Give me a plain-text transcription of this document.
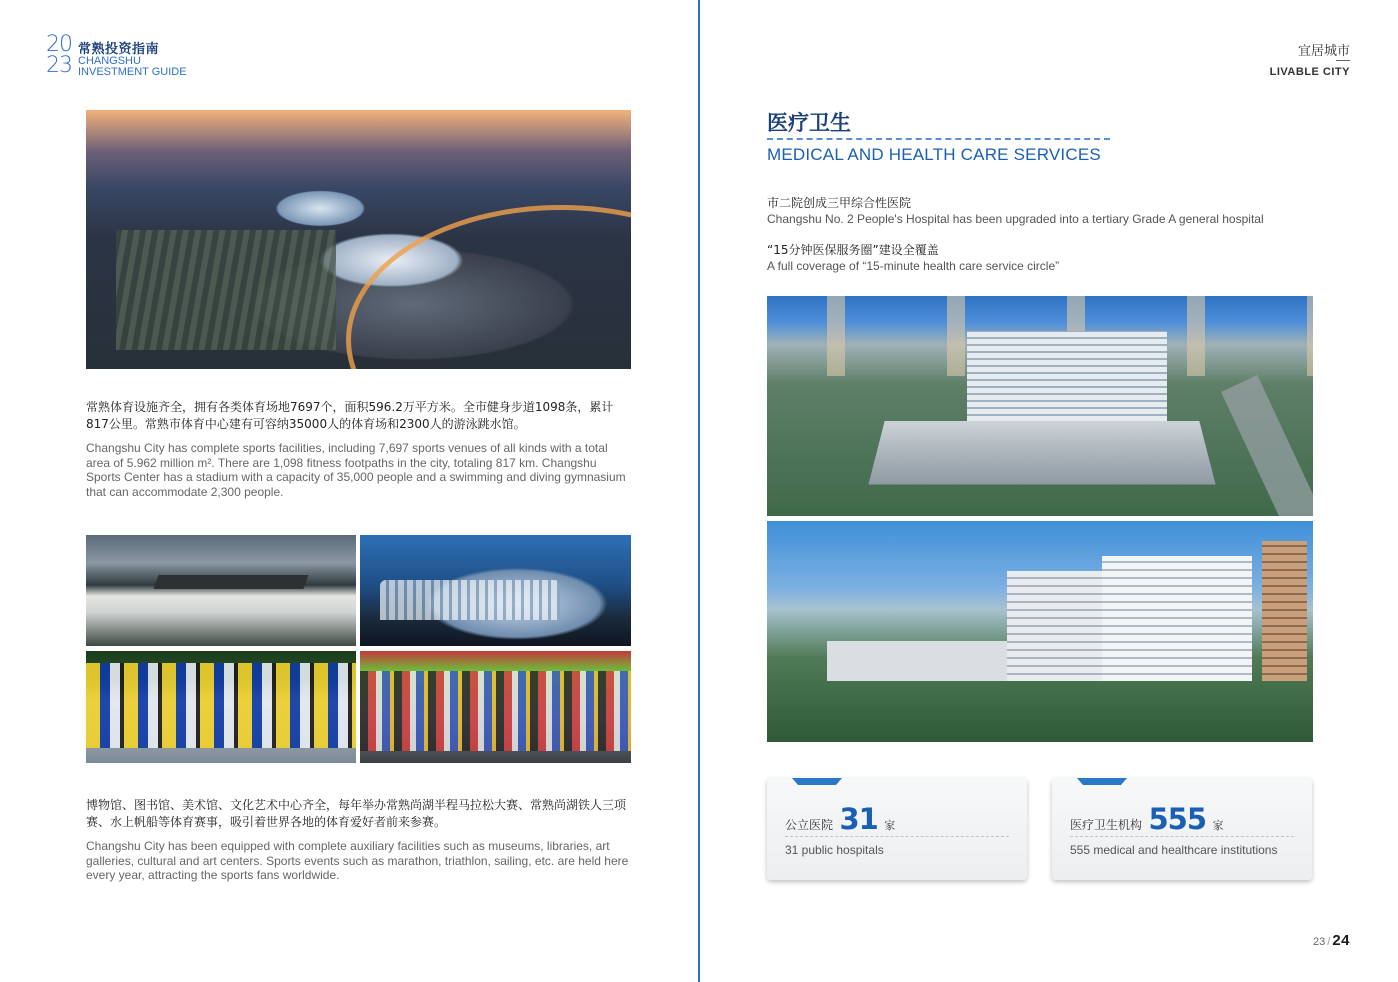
20
23
常熟投资指南
CHANGSHU
INVESTMENT GUIDE
宜居城市
LIVABLE CITY
常熟体育设施齐全，拥有各类体育场地7697个，面积596.2万平方米。全市健身步道1098条，累计817公里。常熟市体育中心建有可容纳35000人的体育场和2300人的游泳跳水馆。
Changshu City has complete sports facilities, including 7,697 sports venues of all kinds with a total area of 5.962 million m². There are 1,098 fitness footpaths in the city, totaling 817 km. Changshu Sports Center has a stadium with a capacity of 35,000 people and a swimming and diving gymnasium that can accommodate 2,300 people.
博物馆、图书馆、美术馆、文化艺术中心齐全，每年举办常熟尚湖半程马拉松大赛、常熟尚湖铁人三项赛、水上帆船等体育赛事，吸引着世界各地的体育爱好者前来参赛。
Changshu City has been equipped with complete auxiliary facilities such as museums, libraries, art galleries, cultural and art centers. Sports events such as marathon, triathlon, sailing, etc. are held here every year, attracting the sports fans worldwide.
医疗卫生
MEDICAL AND HEALTH CARE SERVICES
市二院创成三甲综合性医院
Changshu No. 2 People's Hospital has been upgraded into a tertiary Grade A general hospital
“15分钟医保服务圈”建设全覆盖
A full coverage of “15-minute health care service circle”
公立医院 31 家
31 public hospitals
医疗卫生机构 555 家
555 medical and healthcare institutions
23 / 24
